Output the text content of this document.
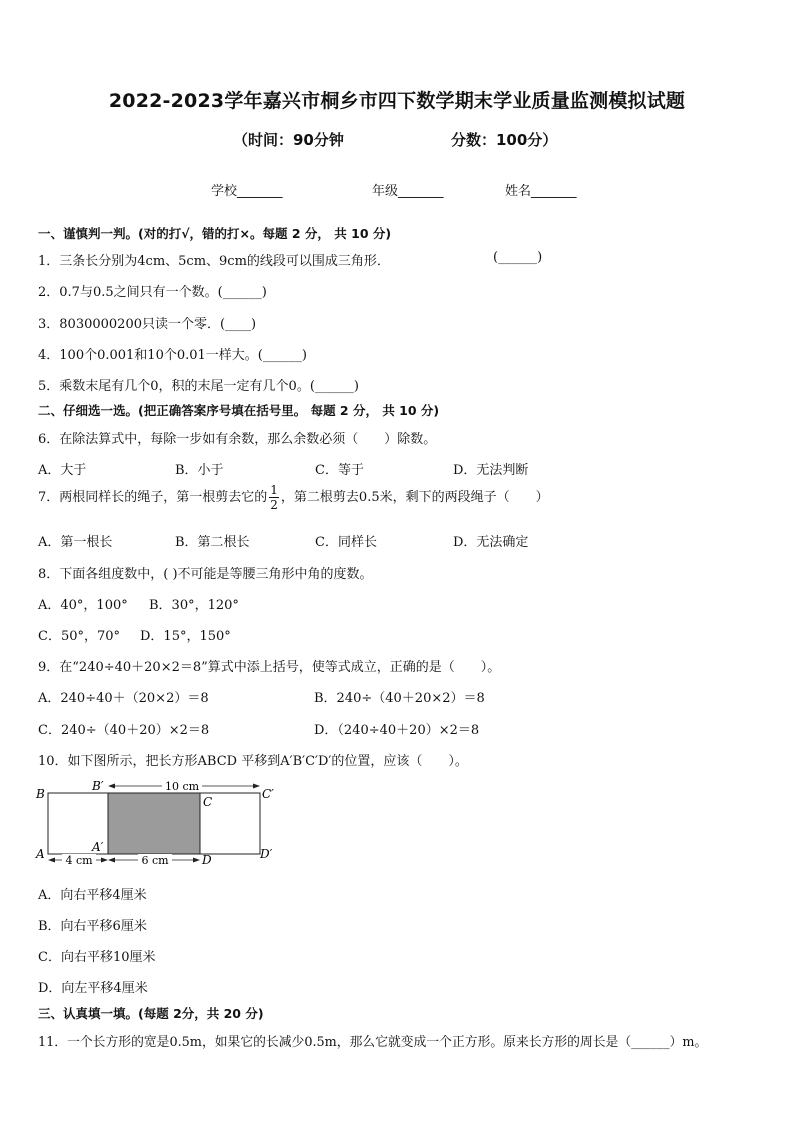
2022-2023学年嘉兴市桐乡市四下数学期末学业质量监测模拟试题
（时间：90分钟	分数：100分）
学校_______	年级_______	姓名_______
一、谨慎判一判。(对的打√，错的打×。每题 2 分， 共 10 分)
1．三条长分别为4cm、5cm、9cm的线段可以围成三角形．	(______)
2．0.7与0.5之间只有一个数。(______)
3．8030000200只读一个零．(____)
4．100个0.001和10个0.01一样大。(______)
5．乘数末尾有几个0，积的末尾一定有几个0。(______)
二、仔细选一选。(把正确答案序号填在括号里。 每题 2 分， 共 10 分)
6．在除法算式中，每除一步如有余数，那么余数必须（　　）除数。
A．大于	B．小于	C．等于	D．无法判断
7．两根同样长的绳子，第一根剪去它的 $\frac{1}{2}$ ，第二根剪去0.5米，剩下的两段绳子（　　）
A．第一根长	B．第二根长	C．同样长	D．无法确定
8．下面各组度数中，( )不可能是等腰三角形中角的度数。
A．40°，100° B．30°，120°
C．50°，70° D．15°，150°
9．在“240÷40＋20×2＝8”算式中添上括号，使等式成立，正确的是（　　）。
A．240÷40＋（20×2）＝8	B．240÷（40＋20×2）＝8
C．240÷（40＋20）×2＝8	D．（240÷40＋20）×2＝8
10．如下图所示，把长方形ABCD 平移到A′B′C′D′的位置，应该（　　）。
10 cm
4 cm	6 cm
B
B′
C
C′
A	A′
D	D′
A．向右平移4厘米
B．向右平移6厘米
C．向右平移10厘米
D．向左平移4厘米
三、认真填一填。(每题 2分，共 20 分)
11．一个长方形的宽是0.5m，如果它的长减少0.5m，那么它就变成一个正方形。原来长方形的周长是（______）m。
